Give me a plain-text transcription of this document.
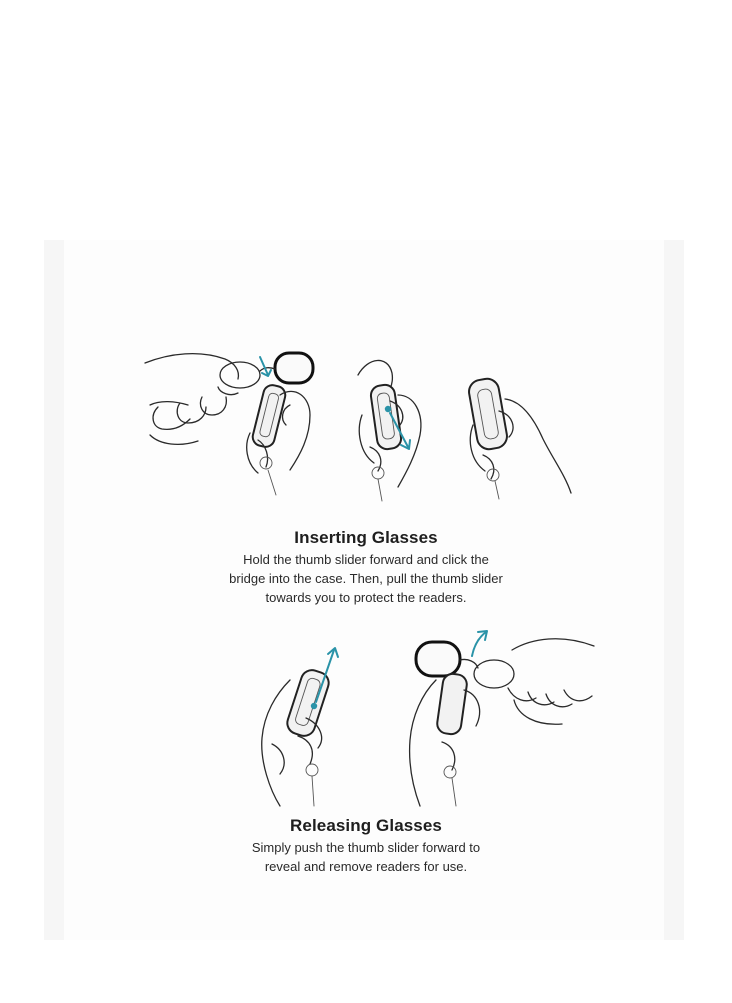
Inserting Glasses
Hold the thumb slider forward and click the
bridge into the case. Then, pull the thumb slider
towards you to protect the readers.
Releasing Glasses
Simply push the thumb slider forward to
reveal and remove readers for use.
